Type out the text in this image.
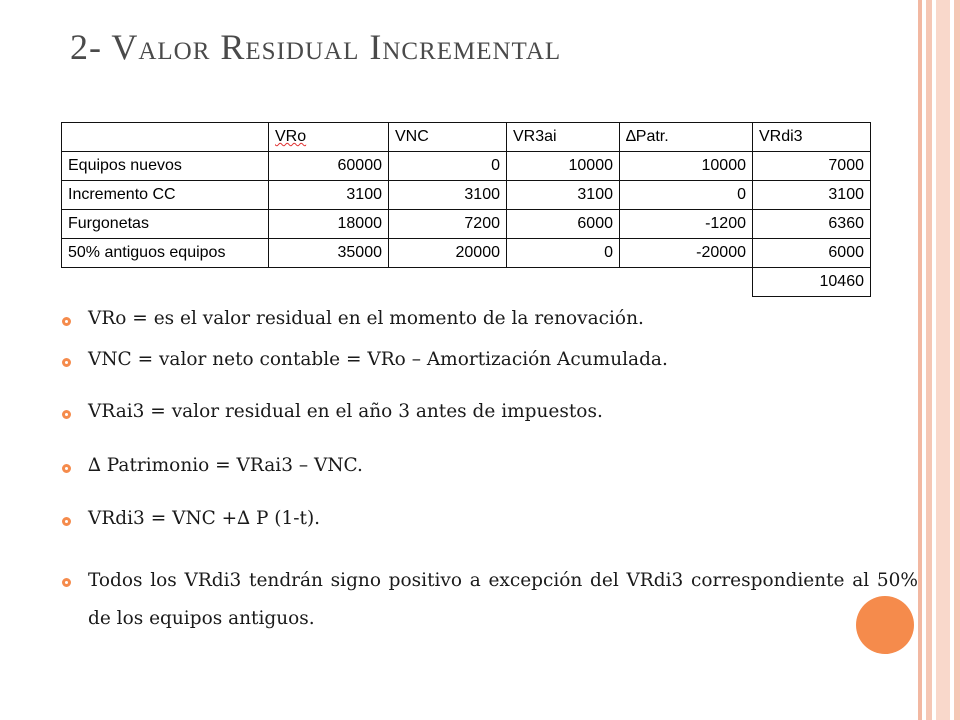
2- Valor Residual Incremental
	VRo	VNC	VR3ai	∆Patr.	VRdi3
Equipos nuevos	60000	0	10000	10000	7000
Incremento CC	3100	3100	3100	0	3100
Furgonetas	18000	7200	6000	-1200	6360
50% antiguos equipos	35000	20000	0	-20000	6000
					10460
VRo = es el valor residual en el momento de la renovación.
VNC = valor neto contable = VRo – Amortización Acumulada.
VRai3 = valor residual en el año 3 antes de impuestos.
∆ Patrimonio = VRai3 – VNC.
VRdi3 = VNC +∆ P (1-t).
Todos los VRdi3 tendrán signo positivo a excepción del VRdi3 correspondiente al 50% de los equipos antiguos.
